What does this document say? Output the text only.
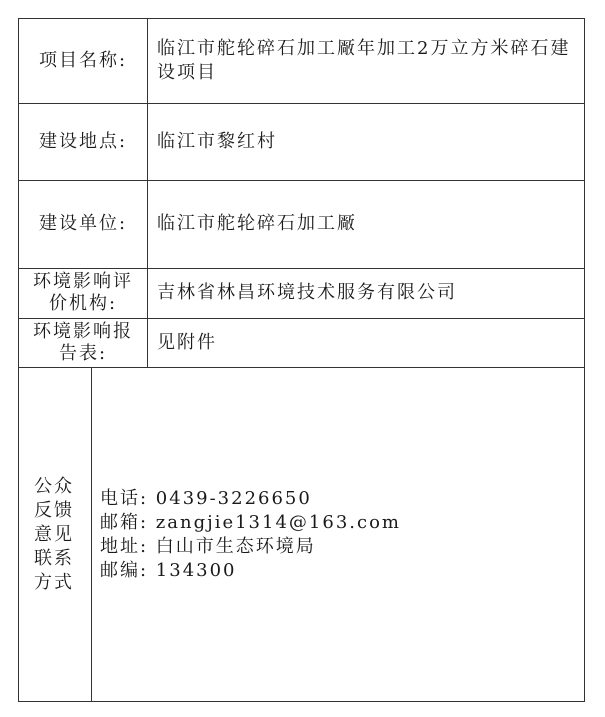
项目名称:
临江市舵轮碎石加工厰年加工2万立方米碎石建设项目
建设地点:	临江市黎红村
建设单位:	临江市舵轮碎石加工厰
环境影响评价机构:
吉林省林昌环境技术服务有限公司
环境影响报告表:
见附件
公众反馈意见联系方式
电话: 0439-3226650
邮箱: zangjie1314@163.com
地址: 白山市生态环境局
邮编: 134300
